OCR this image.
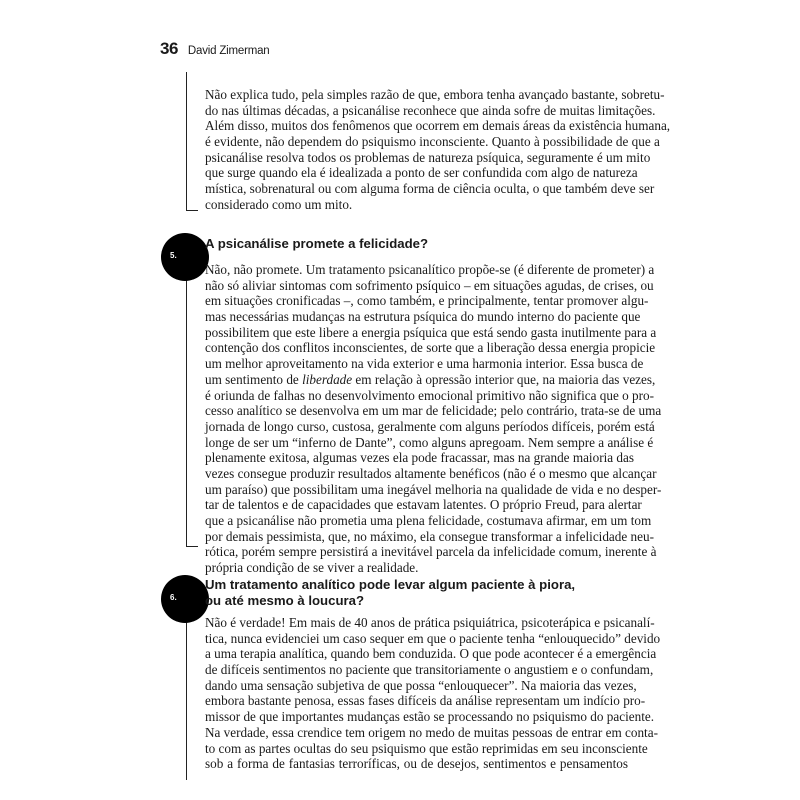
36 David Zimerman

Não explica tudo, pela simples razão de que, embora tenha avançado bastante, sobretu-
do nas últimas décadas, a psicanálise reconhece que ainda sofre de muitas limitações.
Além disso, muitos dos fenômenos que ocorrem em demais áreas da existência humana,
é evidente, não dependem do psiquismo inconsciente. Quanto à possibilidade de que a
psicanálise resolva todos os problemas de natureza psíquica, seguramente é um mito
que surge quando ela é idealizada a ponto de ser confundida com algo de natureza
mística, sobrenatural ou com alguma forma de ciência oculta, o que também deve ser
considerado como um mito.

5.
A psicanálise promete a felicidade?

Não, não promete. Um tratamento psicanalítico propõe-se (é diferente de prometer) a
não só aliviar sintomas com sofrimento psíquico – em situações agudas, de crises, ou
em situações cronificadas –, como também, e principalmente, tentar promover algu-
mas necessárias mudanças na estrutura psíquica do mundo interno do paciente que
possibilitem que este libere a energia psíquica que está sendo gasta inutilmente para a
contenção dos conflitos inconscientes, de sorte que a liberação dessa energia propicie
um melhor aproveitamento na vida exterior e uma harmonia interior. Essa busca de
um sentimento de liberdade em relação à opressão interior que, na maioria das vezes,
é oriunda de falhas no desenvolvimento emocional primitivo não significa que o pro-
cesso analítico se desenvolva em um mar de felicidade; pelo contrário, trata-se de uma
jornada de longo curso, custosa, geralmente com alguns períodos difíceis, porém está
longe de ser um “inferno de Dante”, como alguns apregoam. Nem sempre a análise é
plenamente exitosa, algumas vezes ela pode fracassar, mas na grande maioria das
vezes consegue produzir resultados altamente benéficos (não é o mesmo que alcançar
um paraíso) que possibilitam uma inegável melhoria na qualidade de vida e no desper-
tar de talentos e de capacidades que estavam latentes. O próprio Freud, para alertar
que a psicanálise não prometia uma plena felicidade, costumava afirmar, em um tom
por demais pessimista, que, no máximo, ela consegue transformar a infelicidade neu-
rótica, porém sempre persistirá a inevitável parcela da infelicidade comum, inerente à
própria condição de se viver a realidade.

6.
Um tratamento analítico pode levar algum paciente à piora,
ou até mesmo à loucura?

Não é verdade! Em mais de 40 anos de prática psiquiátrica, psicoterápica e psicanalí-
tica, nunca evidenciei um caso sequer em que o paciente tenha “enlouquecido” devido
a uma terapia analítica, quando bem conduzida. O que pode acontecer é a emergência
de difíceis sentimentos no paciente que transitoriamente o angustiem e o confundam,
dando uma sensação subjetiva de que possa “enlouquecer”. Na maioria das vezes,
embora bastante penosa, essas fases difíceis da análise representam um indício pro-
missor de que importantes mudanças estão se processando no psiquismo do paciente.
Na verdade, essa crendice tem origem no medo de muitas pessoas de entrar em conta-
to com as partes ocultas do seu psiquismo que estão reprimidas em seu inconsciente
sob a forma de fantasias terroríficas, ou de desejos, sentimentos e pensamentos
